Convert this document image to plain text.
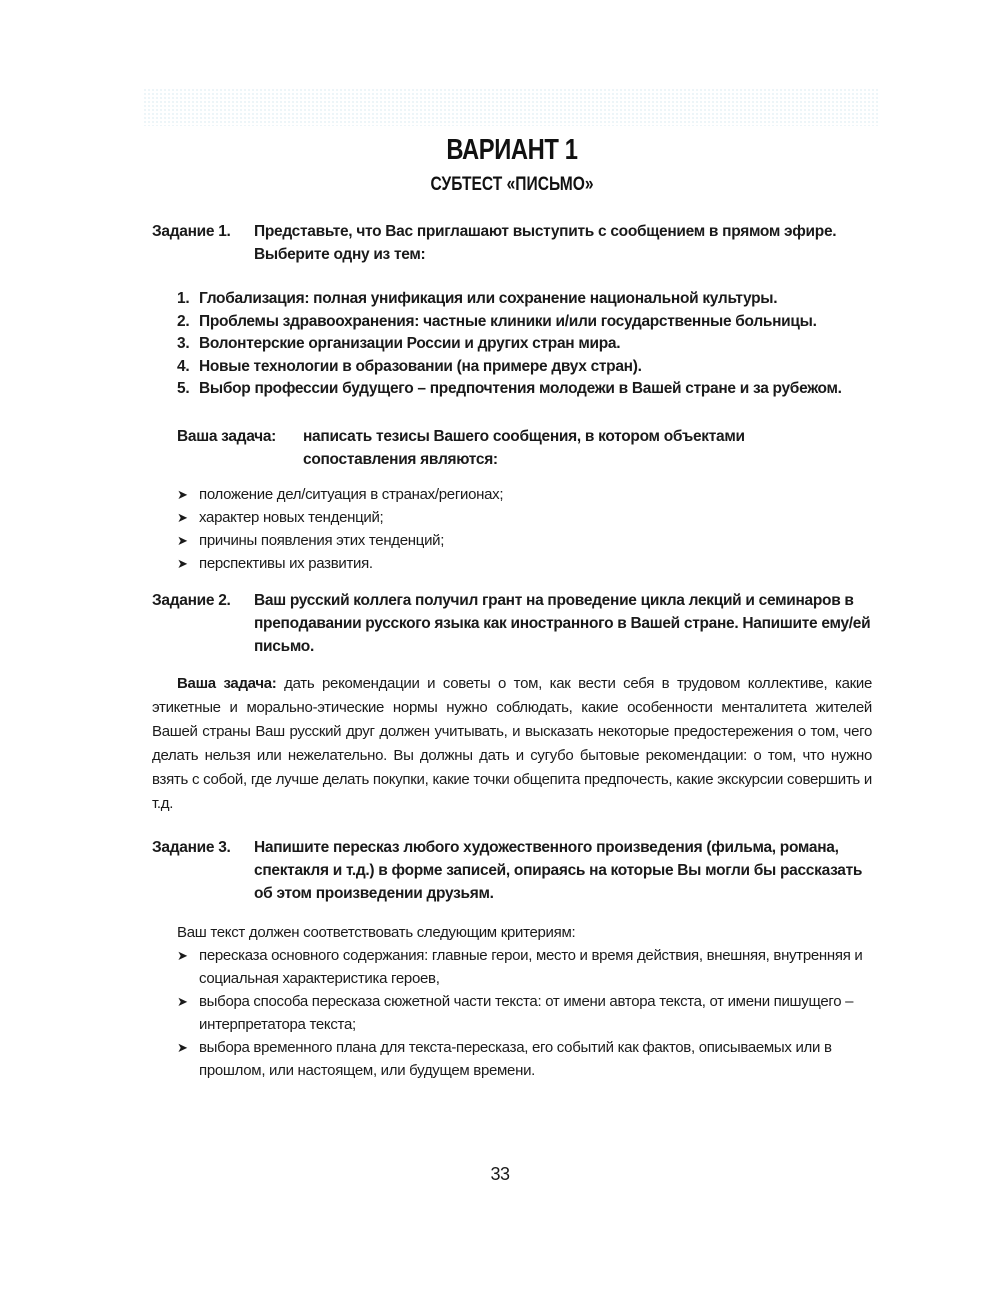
ВАРИАНТ 1
СУБТЕСТ «ПИСЬМО»
Задание 1.	Представьте, что Вас приглашают выступить с сообщением в прямом эфире. Выберите одну из тем:
1. Глобализация: полная унификация или сохранение национальной культуры.
2. Проблемы здравоохранения: частные клиники и/или государственные больницы.
3. Волонтерские организации России и других стран мира.
4. Новые технологии в образовании (на примере двух стран).
5. Выбор профессии будущего – предпочтения молодежи в Вашей стране и за рубежом.
Ваша задача:	написать тезисы Вашего сообщения, в котором объектами сопоставления являются:
➤ положение дел/ситуация в странах/регионах;
➤ характер новых тенденций;
➤ причины появления этих тенденций;
➤ перспективы их развития.
Задание 2.	Ваш русский коллега получил грант на проведение цикла лекций и семинаров в преподавании русского языка как иностранного в Вашей стране. Напишите ему/ей письмо.

Ваша задача: дать рекомендации и советы о том, как вести себя в трудовом коллективе, какие этикетные и морально-этические нормы нужно соблюдать, какие особенности менталитета жителей Вашей страны Ваш русский друг должен учитывать, и высказать некоторые предостережения о том, чего делать нельзя или нежелательно. Вы должны дать и сугубо бытовые рекомендации: о том, что нужно взять с собой, где лучше делать покупки, какие точки общепита предпочесть, какие экскурсии совершить и т.д.

Задание 3.	Напишите пересказ любого художественного произведения (фильма, романа, спектакля и т.д.) в форме записей, опираясь на которые Вы могли бы рассказать об этом произведении друзьям.
Ваш текст должен соответствовать следующим критериям:
➤ пересказа основного содержания: главные герои, место и время действия, внешняя, внутренняя и социальная характеристика героев,
➤ выбора способа пересказа сюжетной части текста: от имени автора текста, от имени пишущего – интерпретатора текста;
➤ выбора временного плана для текста-пересказа, его событий как фактов, описываемых или в прошлом, или настоящем, или будущем времени.
33
